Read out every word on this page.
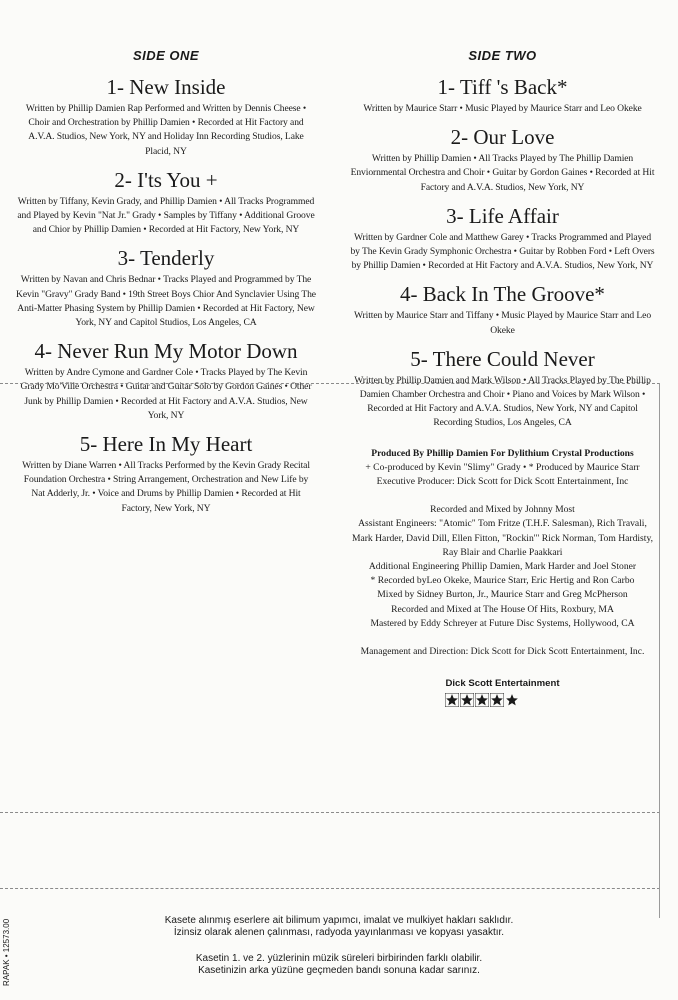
SIDE ONE
1- New Inside
Written by Phillip Damien Rap Performed and Written by Dennis Cheese • Choir and Orchestration by Phillip Damien • Recorded at Hit Factory and A.V.A. Studios, New York, NY and Holiday Inn Recording Studios, Lake Placid, NY
2- I'ts You +
Written by Tiffany, Kevin Grady, and Phillip Damien • All Tracks Programmed and Played by Kevin "Nat Jr." Grady • Samples by Tiffany • Additional Groove and Chior by Phillip Damien • Recorded at Hit Factory, New York, NY
3- Tenderly
Written by Navan and Chris Bednar • Tracks Played and Programmed by The Kevin "Gravy" Grady Band • 19th Street Boys Chior And Synclavier Using The Anti-Matter Phasing System by Phillip Damien • Recorded at Hit Factory, New York, NY and Capitol Studios, Los Angeles, CA
4- Never Run My Motor Down
Written by Andre Cymone and Gardner Cole • Tracks Played by The Kevin Grady Mo'Ville Orchestra • Guitar and Guitar Solo by Gordon Gaines • Other Junk by Phillip Damien • Recorded at Hit Factory and A.V.A. Studios, New York, NY
5- Here In My Heart
Written by Diane Warren • All Tracks Performed by the Kevin Grady Recital Foundation Orchestra • String Arrangement, Orchestration and New Life by Nat Adderly, Jr. • Voice and Drums by Phillip Damien • Recorded at Hit Factory, New York, NY
SIDE TWO
1- Tiff 's Back*
Written by Maurice Starr • Music Played by Maurice Starr and Leo Okeke
2- Our Love
Written by Phillip Damien • All Tracks Played by The Phillip Damien Enviornmental Orchestra and Choir • Guitar by Gordon Gaines • Recorded at Hit Factory and A.V.A. Studios, New York, NY
3- Life Affair
Written by Gardner Cole and Matthew Garey • Tracks Programmed and Played by The Kevin Grady Symphonic Orchestra • Guitar by Robben Ford • Left Overs by Phillip Damien • Recorded at Hit Factory and A.V.A. Studios, New York, NY
4- Back In The Groove*
Written by Maurice Starr and Tiffany • Music Played by Maurice Starr and Leo Okeke
5- There Could Never
Written by Phillip Damien and Mark Wilson • All Tracks Played by The Phillip Damien Chamber Orchestra and Choir • Piano and Voices by Mark Wilson • Recorded at Hit Factory and A.V.A. Studios, New York, NY and Capitol Recording Studios, Los Angeles, CA

Produced By Phillip Damien For Dylithium Crystal Productions

+ Co-produced by Kevin "Slimy" Grady • * Produced by Maurice Starr

Executive Producer: Dick Scott for Dick Scott Entertainment, Inc

Recorded and Mixed by Johnny Most

Assistant Engineers: "Atomic" Tom Fritze (T.H.F. Salesman), Rich Travali, Mark Harder, David Dill, Ellen Fitton, "Rockin'" Rick Norman, Tom Hardisty, Ray Blair and Charlie Paakkari

Additional Engineering Phillip Damien, Mark Harder and Joel Stoner

* Recorded byLeo Okeke, Maurice Starr, Eric Hertig and Ron Carbo

Mixed by Sidney Burton, Jr., Maurice Starr and Greg McPherson

Recorded and Mixed at The House Of Hits, Roxbury, MA

Mastered by Eddy Schreyer at Future Disc Systems, Hollywood, CA

Management and Direction: Dick Scott for Dick Scott Entertainment, Inc.

Dick Scott Entertainment

Kasete alınmış eserlere ait bilimum yapımcı, imalat ve mulkiyet hakları saklıdır.

İzinsiz olarak alenen çalınması, radyoda yayınlanması ve kopyası yasaktır.

Kasetin 1. ve 2. yüzlerinin müzik süreleri birbirinden farklı olabilir.

Kasetinizin arka yüzüne geçmeden bandı sonuna kadar sarınız.

RAPAK • 12573.00
